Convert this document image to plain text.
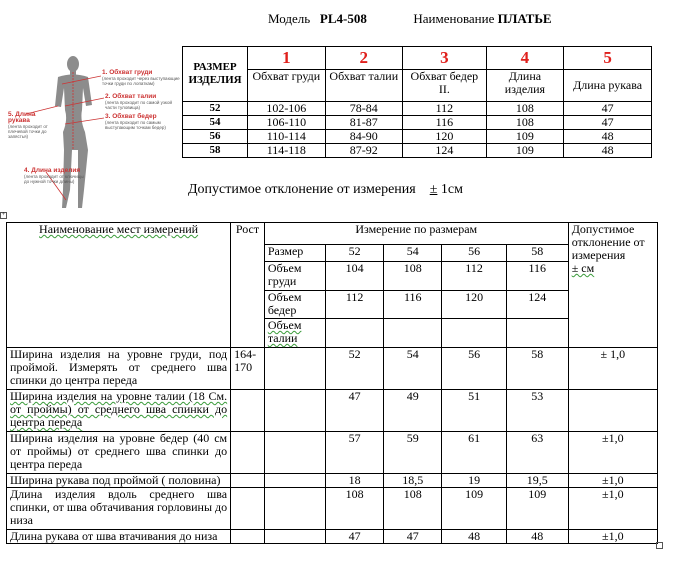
Модель PL4-508	Наименование ПЛАТЬЕ
1. Обхват груди
(лента проходит через выступающие точки груди по лопаткам)
2. Обхват талии
(лента проходит по самой узкой части туловища)
3. Обхват бедер
(лента проходит по самым выступающим точкам бедер)
5. Длина рукава
(лента проходит от плечевой точки до запястья)
4. Длина изделия
(лента проходит от ключицы до нужной точки длины)
РАЗМЕР ИЗДЕЛИЯ	1	2	3	4	5
	Обхват груди	Обхват талии	Обхват бедер II.	Длина изделия	Длина рукава
52	102-106	78-84	112	108	47
54	106-110	81-87	116	108	47
56	110-114	84-90	120	109	48
58	114-118	87-92	124	109	48
Допустимое отклонение от измерения ± 1см
+
Наименование мест измерений	Рост	Измерение по размерам					Допустимое отклонение от измерения
± см
		Размер	52	54	56	58	
		Объем груди	104	108	112	116	
		Объем бедер	112	116	120	124	
		Объем талии					
Ширина изделия на уровне груди, под проймой. Измерять от среднего шва спинки до центра переда	164-170		52	54	56	58	± 1,0
Ширина изделия на уровне талии (18 См. от проймы) от среднего шва спинки до центра переда			47	49	51	53	
Ширина изделия на уровне бедер (40 см от проймы) от среднего шва спинки до центра переда			57	59	61	63	±1,0
Ширина рукава под проймой ( половина)			18	18,5	19	19,5	±1,0
Длина изделия вдоль среднего шва спинки, от шва обтачивания горловины до низа			108	108	109	109	±1,0
Длина рукава от шва втачивания до низа			47	47	48	48	±1,0
